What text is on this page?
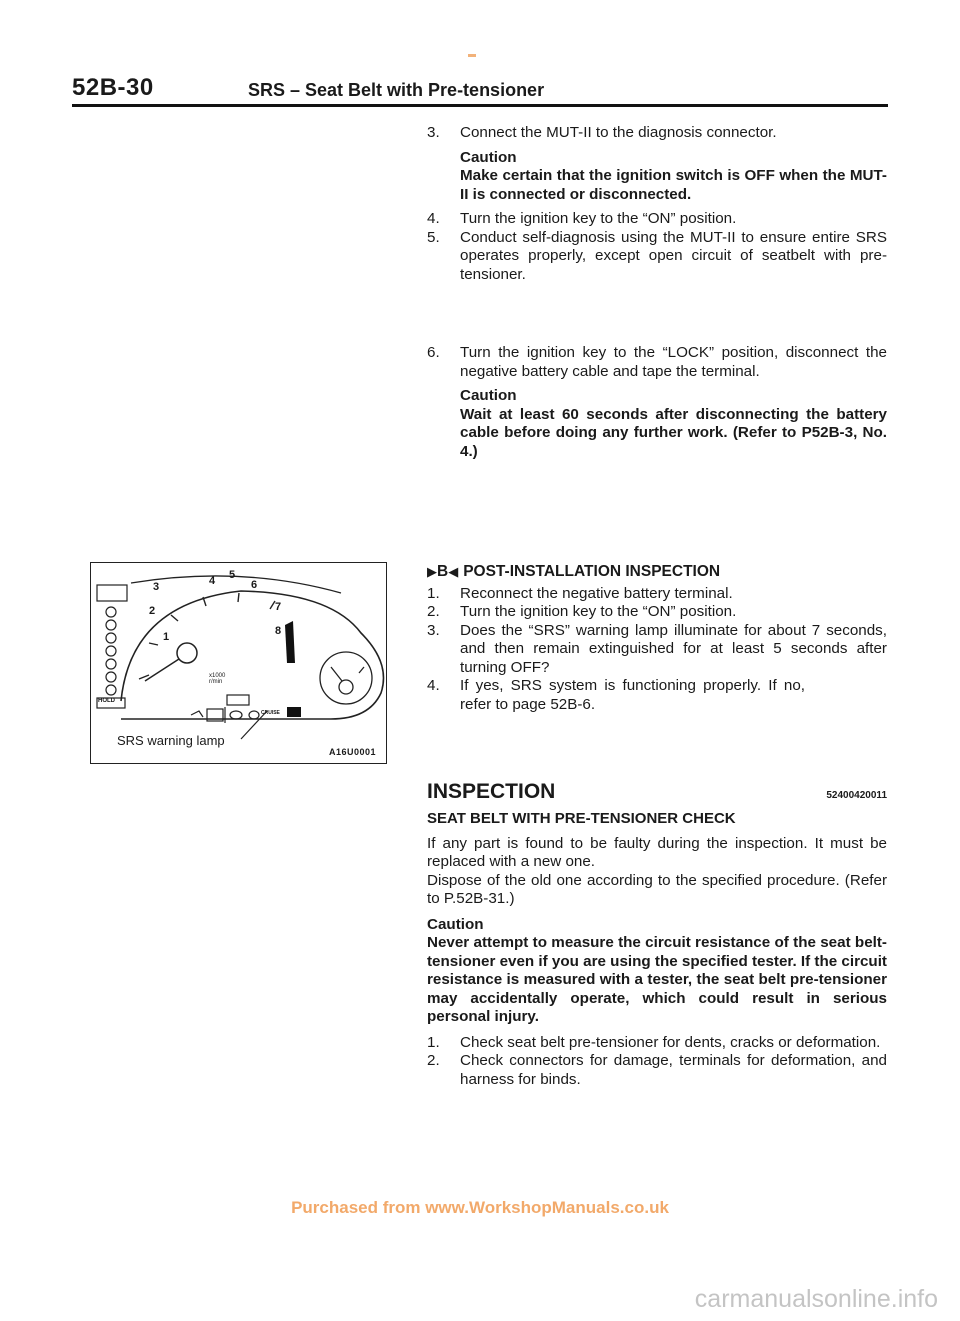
52B-30	SRS – Seat Belt with Pre-tensioner
3.	Connect the MUT-II to the diagnosis connector.

Caution

Make certain that the ignition switch is OFF when the MUT-II is connected or disconnected.

4.	Turn the ignition key to the “ON” position.
5.	Conduct self-diagnosis using the MUT-II to ensure entire SRS operates properly, except open circuit of seatbelt with pre-tensioner.
6.	Turn the ignition key to the “LOCK” position, disconnect the negative battery cable and tape the terminal.

Caution

Wait at least 60 seconds after disconnecting the battery cable before doing any further work. (Refer to P52B-3, No. 4.)

1
2
3	4 5
6
7
8
x1000 r/min
HOLD
CRUISE
SRS warning lamp
A16U0001
▶ B ◀ POST-INSTALLATION INSPECTION
1.	Reconnect the negative battery terminal.
2.	Turn the ignition key to the “ON” position.
3.	Does the “SRS” warning lamp illuminate for about 7 seconds, and then remain extinguished for at least 5 seconds after turning OFF?
4.	If yes, SRS system is functioning properly. If no, refer to page 52B-6.
INSPECTION	52400420011

SEAT BELT WITH PRE-TENSIONER CHECK

If any part is found to be faulty during the inspection. It must be replaced with a new one.

Dispose of the old one according to the specified procedure. (Refer to P.52B-31.)

Caution

Never attempt to measure the circuit resistance of the seat belt-tensioner even if you are using the specified tester. If the circuit resistance is measured with a tester, the seat belt pre-tensioner may accidentally operate, which could result in serious personal injury.

1.	Check seat belt pre-tensioner for dents, cracks or deformation.
2.	Check connectors for damage, terminals for deformation, and harness for binds.
Purchased from www.WorkshopManuals.co.uk
carmanualsonline.info
